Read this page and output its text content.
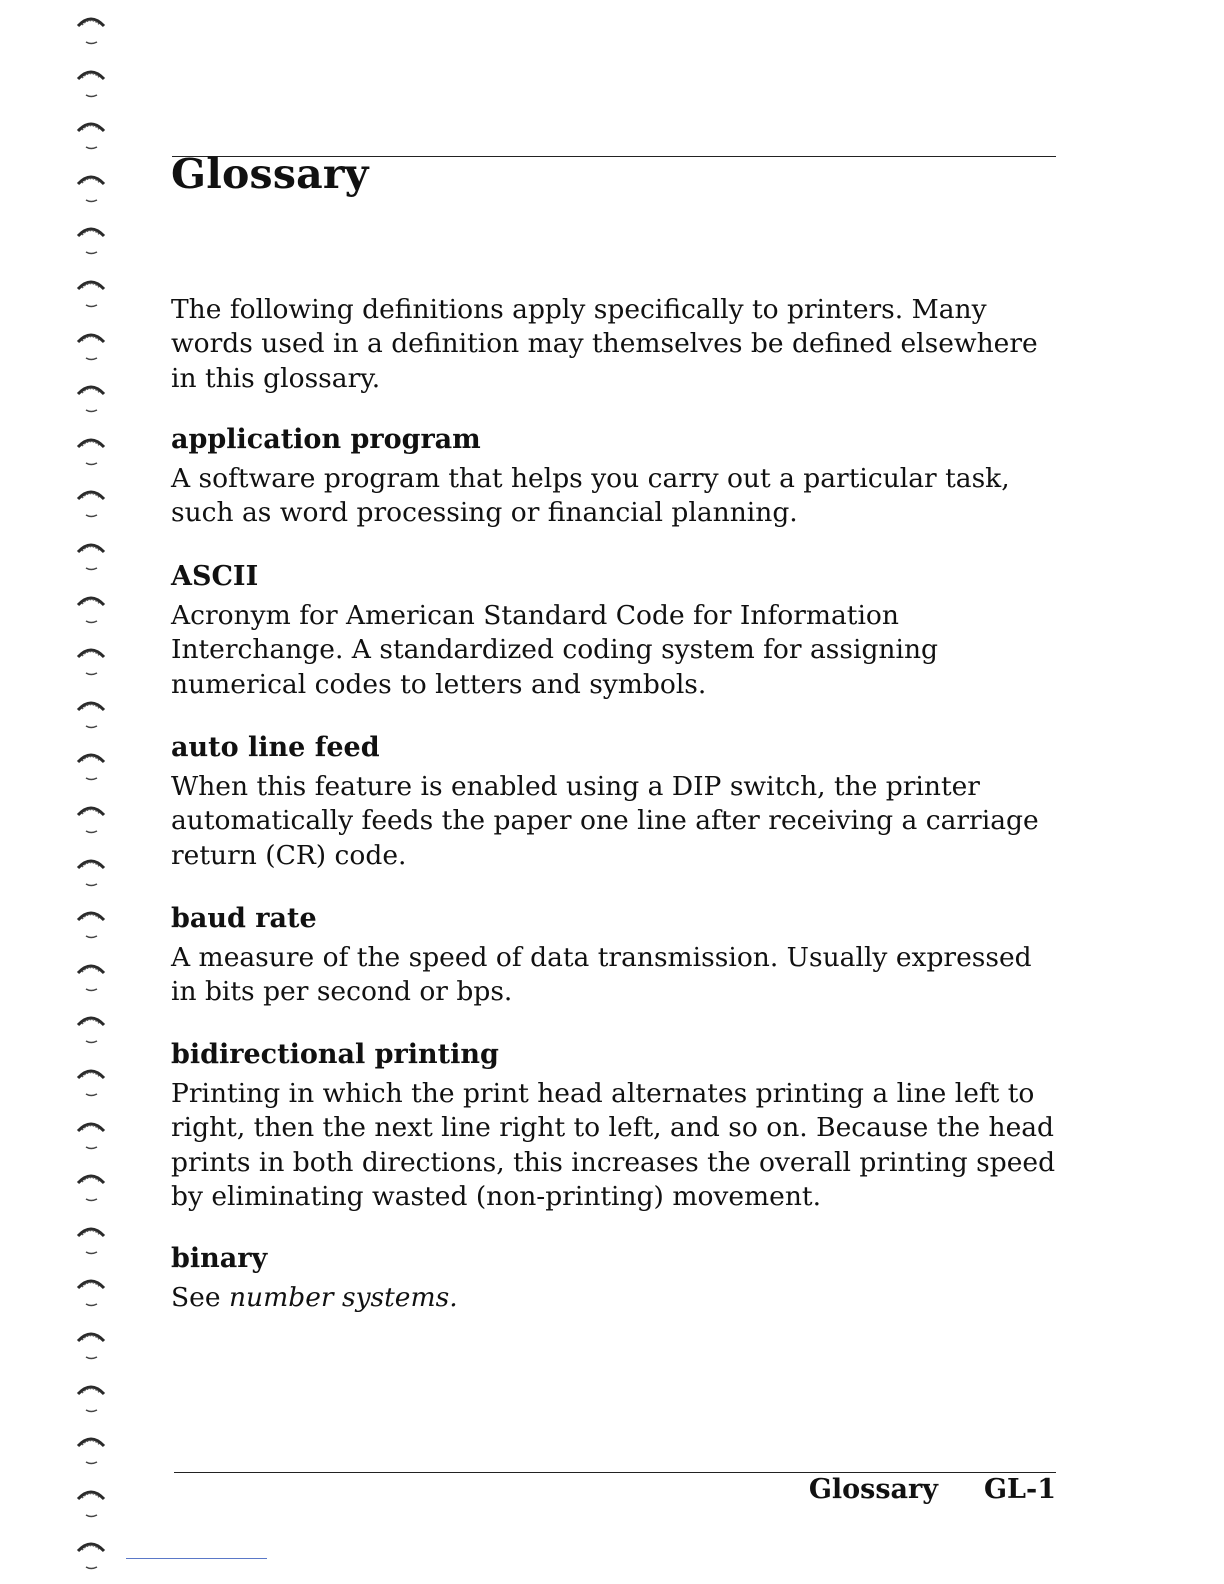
Glossary

The following definitions apply specifically to printers. Many words used in a definition may themselves be defined elsewhere in this glossary.

application program

A software program that helps you carry out a particular task, such as word processing or financial planning.

ASCII

Acronym for American Standard Code for Information Interchange. A standardized coding system for assigning numerical codes to letters and symbols.

auto line feed

When this feature is enabled using a DIP switch, the printer automatically feeds the paper one line after receiving a carriage return (CR) code.

baud rate

A measure of the speed of data transmission. Usually expressed in bits per second or bps.

bidirectional printing

Printing in which the print head alternates printing a line left to right, then the next line right to left, and so on. Because the head prints in both directions, this increases the overall printing speed by eliminating wasted (non-printing) movement.

binary

See number systems.

Glossary GL-1
